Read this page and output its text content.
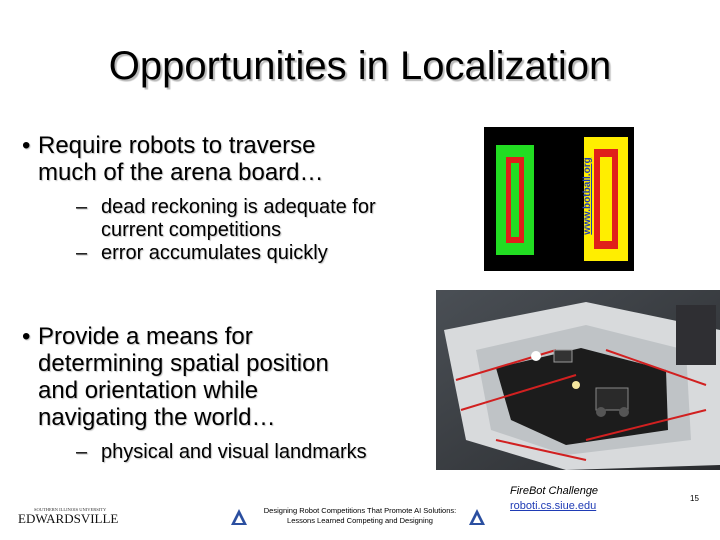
Opportunities in Localization
• Require robots to traverse
much of the arena board…
– dead reckoning is adequate for
current competitions
– error accumulates quickly
• Provide a means for
determining spatial position
and orientation while
navigating the world…
– physical and visual landmarks
Beyond Botball 2006 www.botball.org
SOUTHERN ILLINOIS UNIVERSITY
EDWARDSVILLE
Designing Robot Competitions That Promote AI Solutions:
Lessons Learned Competing and Designing
FireBot Challenge
roboti.cs.siue.edu
15
